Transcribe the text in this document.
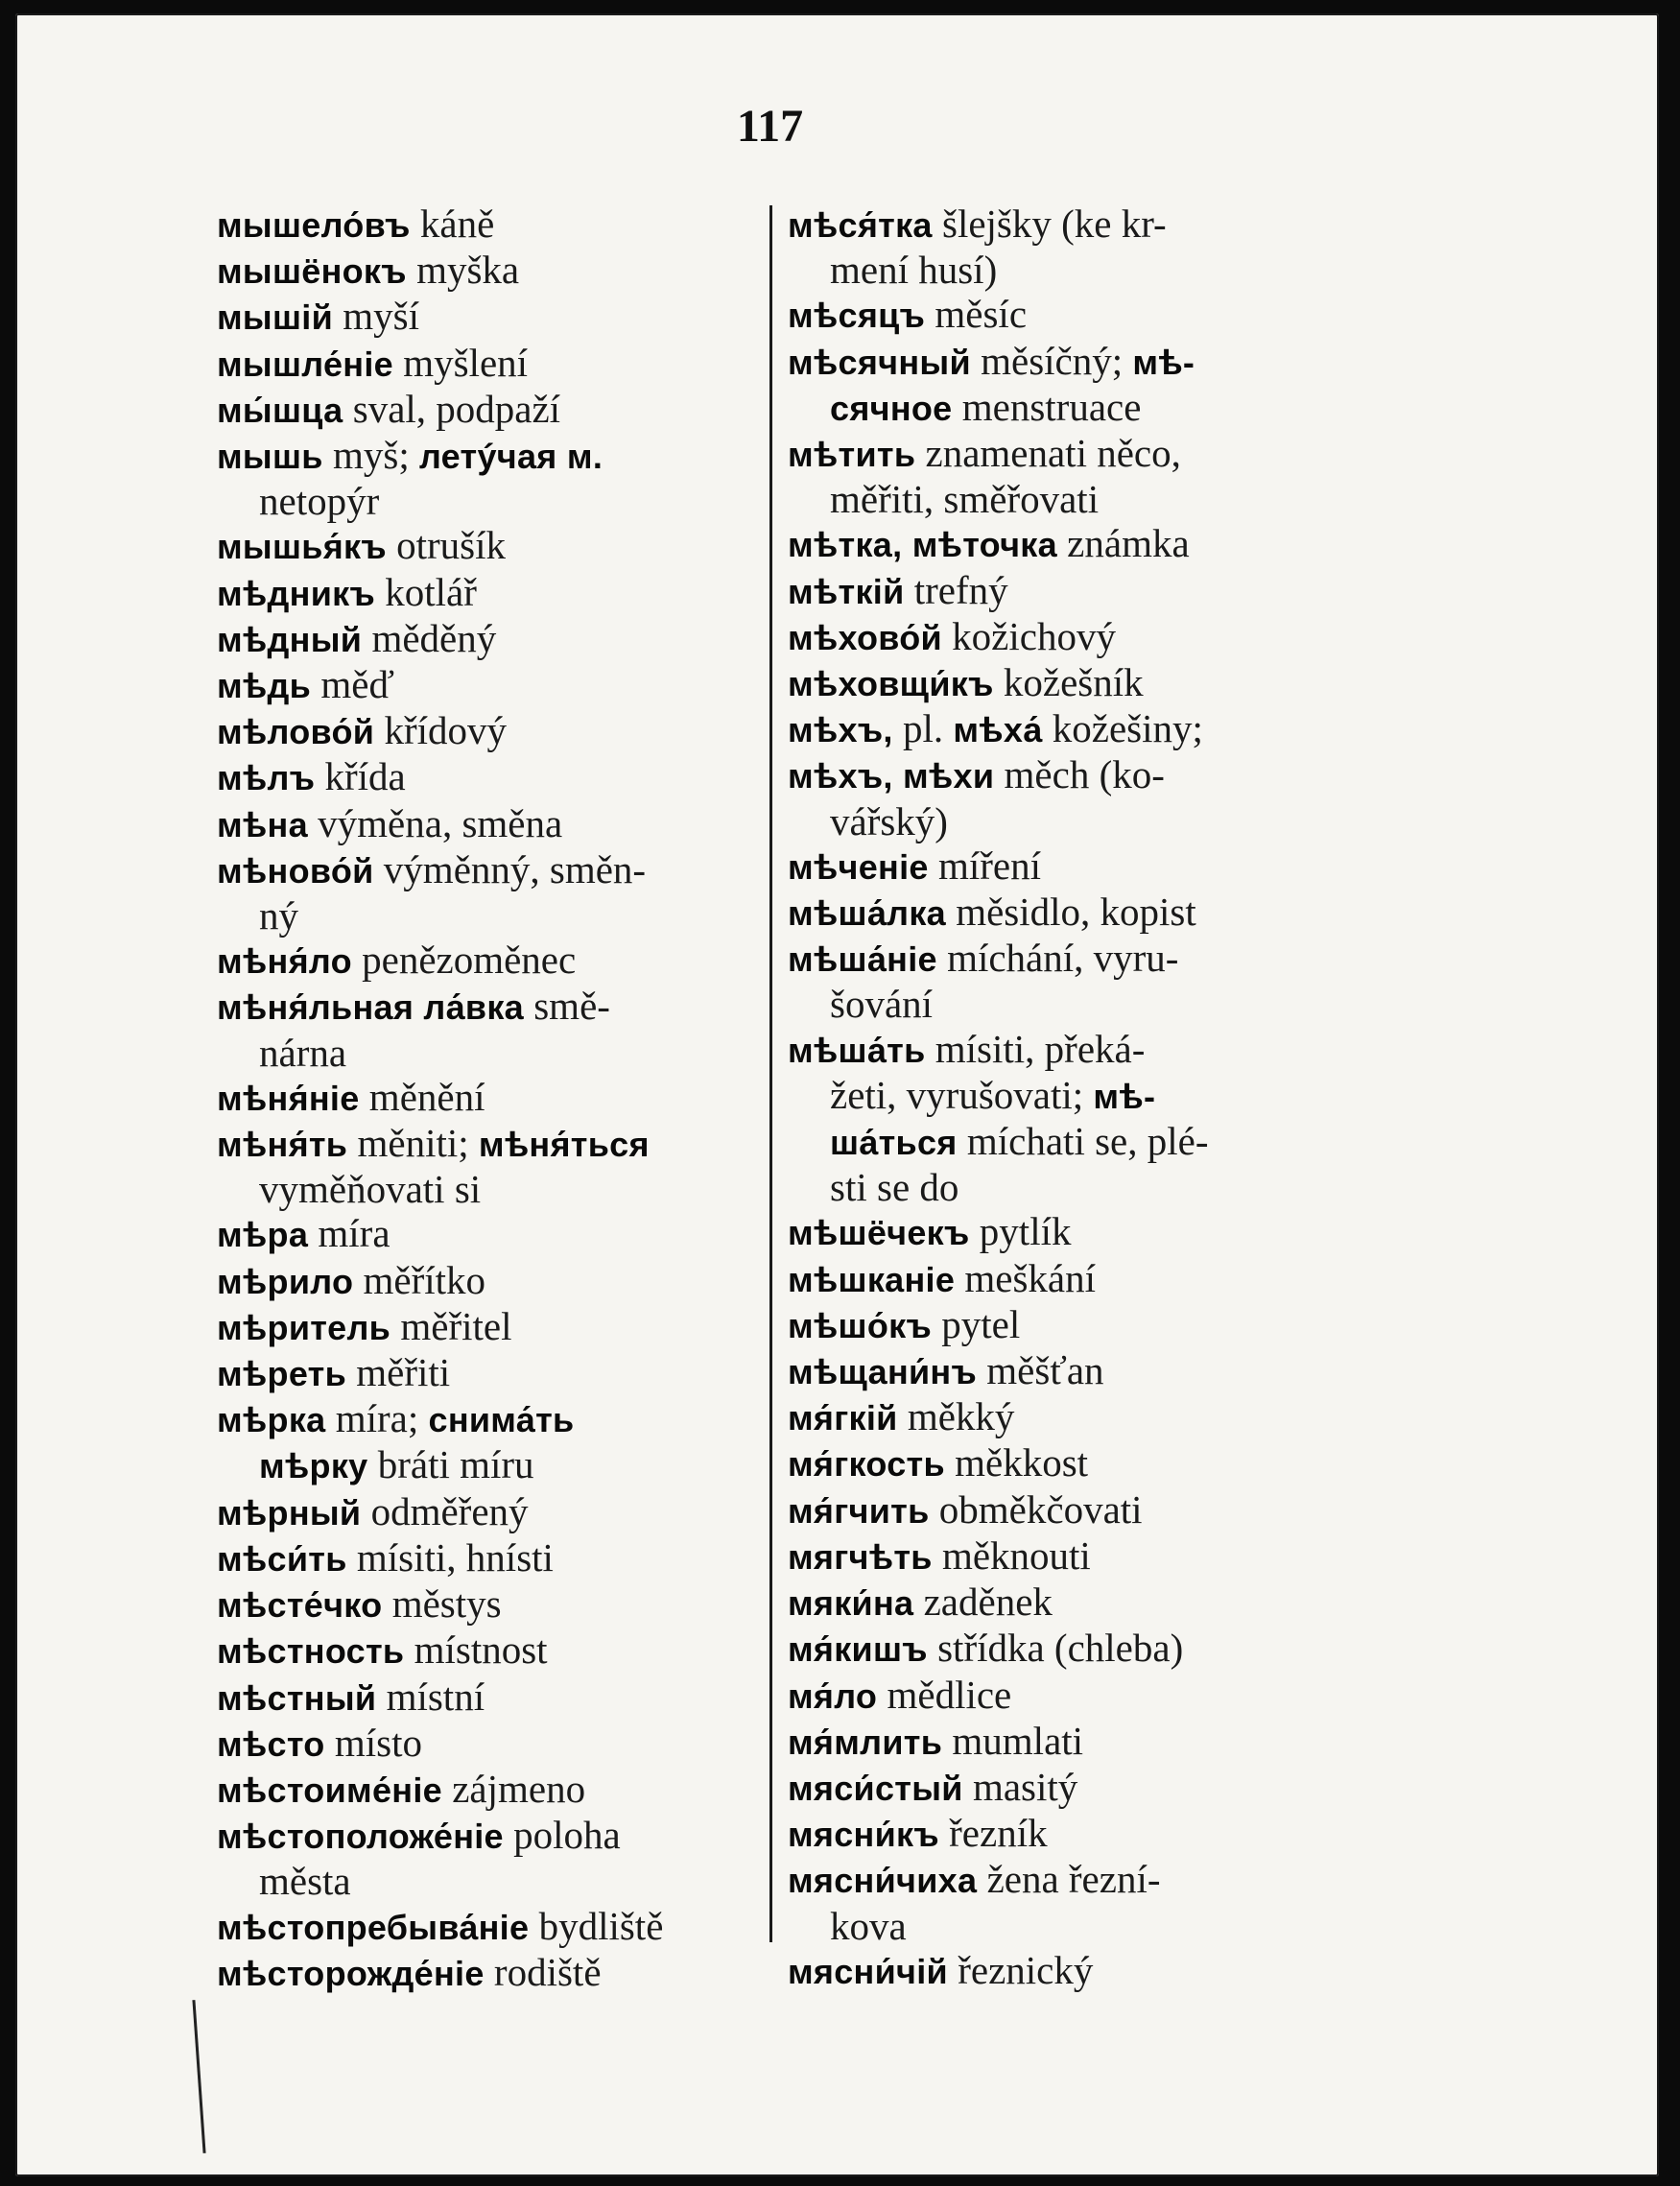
117
мышело́въ káně
мышёнокъ myška
мышій myší
мышле́ніе myšlení
мы́шца sval, podpaží
мышь myš; летýчая м.
netopýr
мышья́къ otrušík
мѣдникъ kotlář
мѣдный měděný
мѣдь měď
мѣлово́й křídový
мѣлъ křída
мѣна výměna, směna
мѣново́й výměnný, směn-
ný
мѣня́ло penězoměnec
мѣня́льная ла́вка smě-
nárna
мѣня́ніе měnění
мѣня́ть měniti; мѣня́ться
vyměňovati si
мѣра míra
мѣрило měřítko
мѣритель měřitel
мѣреть měřiti
мѣрка míra; снима́ть
мѣрку bráti míru
мѣрный odměřený
мѣси́ть mísiti, hnísti
мѣсте́чко městys
мѣстность místnost
мѣстный místní
мѣсто místo
мѣстоиме́ніе zájmeno
мѣстоположе́ніе poloha
města
мѣстопребыва́ніе bydliště
мѣсторожде́ніе rodiště
мѣся́тка šlejšky (ke kr-
mení husí)
мѣсяцъ měsíc
мѣсячный měsíčný; мѣ-
сячное menstruace
мѣтить znamenati něco,
měřiti, směřovati
мѣтка, мѣточка známka
мѣткій trefný
мѣхово́й kožichový
мѣховщи́къ kožešník
мѣхъ, pl. мѣха́ kožešiny;
мѣхъ, мѣхи měch (ko-
vářský)
мѣченіе míření
мѣша́лка měsidlo, kopist
мѣша́ніе míchání, vyru-
šování
мѣша́ть mísiti, překá-
žeti, vyrušovati; мѣ-
ша́ться míchati se, plé-
sti se do
мѣшёчекъ pytlík
мѣшканіе meškání
мѣшо́къ pytel
мѣщани́нъ měšťan
мя́гкій měkký
мя́гкость měkkost
мя́гчить obměkčovati
мягчѣть měknouti
мяки́на zaděnek
мя́кишъ střídka (chleba)
мя́ло mědlice
мя́млить mumlati
мяси́стый masitý
мясни́къ řezník
мясни́чиха žena řezní-
kova
мясни́чій řeznický
